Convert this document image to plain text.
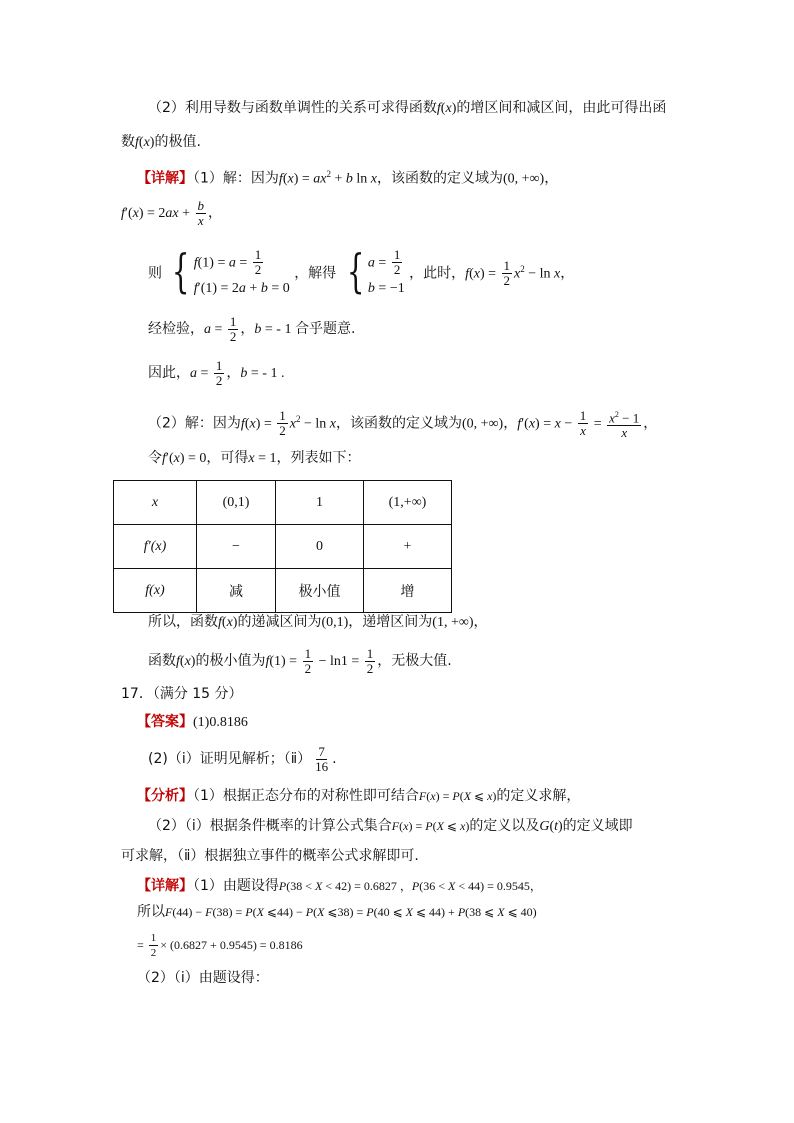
（2）利用导数与函数单调性的关系可求得函数f(x)的增区间和减区间，由此可得出函
数f(x)的极值.
【详解】（1）解：因为$f(x) = ax^2 + b$ ln x，该函数的定义域为(0, +∞)，
$f'(x) = 2ax + \frac{b}{x}$ ，
则 { $f(1) = a = \frac{1}{2}$
f′(1) = 2a + b = 0
，解得 { $a = \frac{1}{2}$
b = −1
，此时，$f(x) = \frac{1}{2} x^2 - \ln x$，
经检验，$a = \frac{1}{2}$ ，b = - 1 合乎题意.
因此，$a = \frac{1}{2}$ ，b = - 1 .
（2）解：因为$f(x) = \frac{1}{2} x^2 - \ln x$，该函数的定义域为(0, +∞)，$f'(x) = x - \frac{1}{x} = \frac{x^2 - 1}{x}$ ，
令f′(x) = 0，可得x = 1，列表如下：
x	(0,1)	1	(1,+∞)
f′(x)	−	0	+
f(x)	减	极小值	增
所以，函数f(x)的递减区间为(0,1)，递增区间为(1, +∞)，
函数f(x)的极小值为$f(1) = \frac{1}{2} - \ln 1 = \frac{1}{2}$ ，无极大值.
17．（满分 15 分）
【答案】(1)0.8186
(2)（ⅰ）证明见解析；（ⅱ） $\frac{7}{16}$ .
【分析】（1）根据正态分布的对称性即可结合F(x) = P(X ⩽ x)的定义求解，
（2）（ⅰ）根据条件概率的计算公式集合F(x) = P(X ⩽ x)的定义以及G(t)的定义域即
可求解，（ⅱ）根据独立事件的概率公式求解即可.
【详解】（1）由题设得P(38 < X < 42) = 0.6827 ，P(36 < X < 44) = 0.9545，
所以F(44) − F(38) = P(X ⩽44) − P(X ⩽38) = P(40 ⩽ X ⩽ 44) + P(38 ⩽ X ⩽ 40)
= $\frac{1}{2} \times (0.6827 + 0.9545) = 0.8186$
（2）（ⅰ）由题设得：
